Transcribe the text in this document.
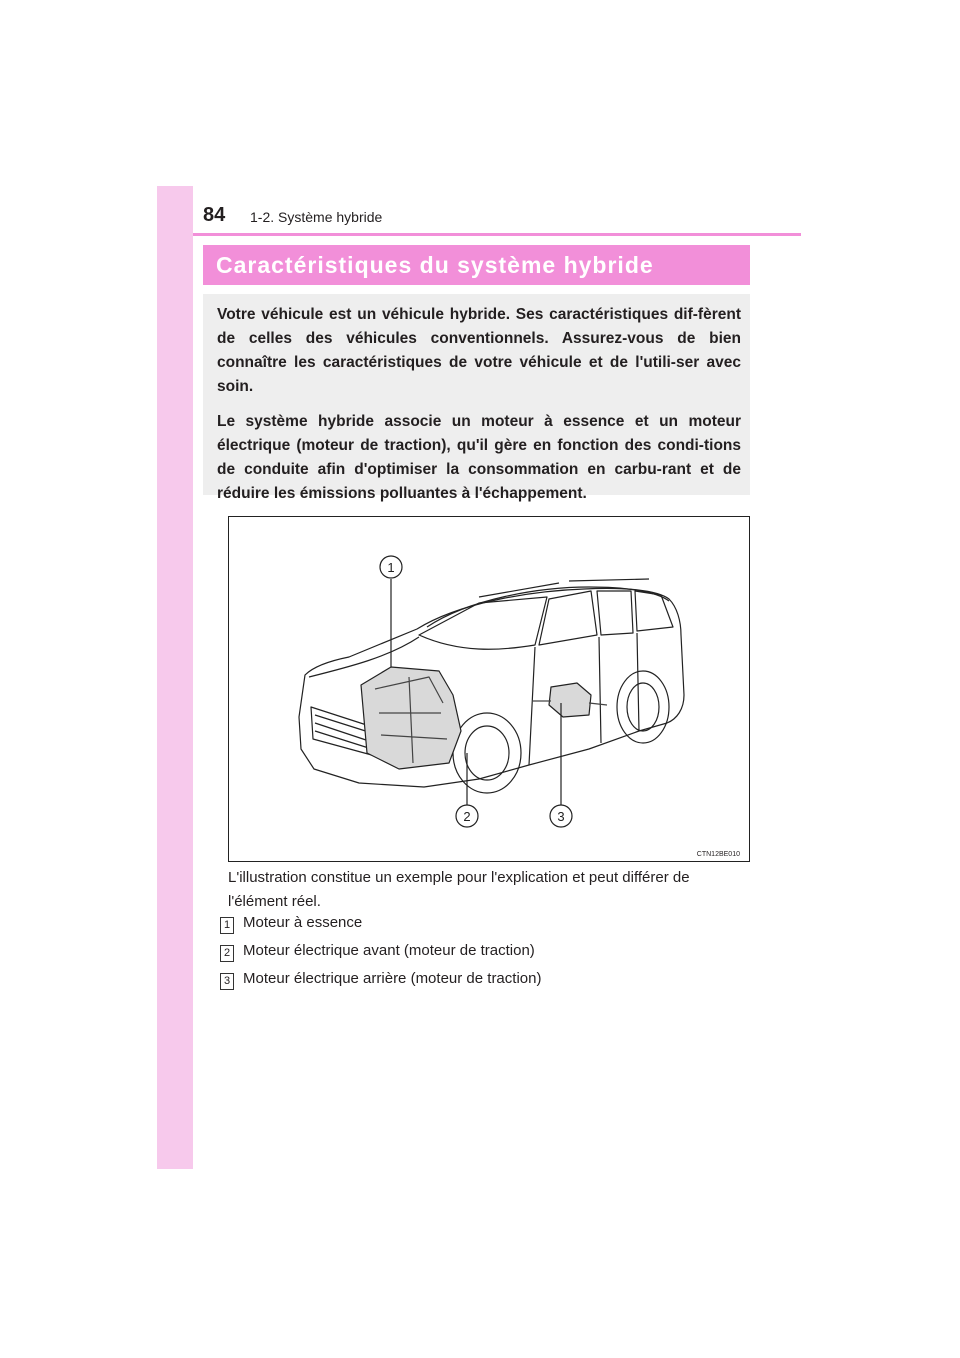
84 1-2. Système hybride
Caractéristiques du système hybride

Votre véhicule est un véhicule hybride. Ses caractéristiques dif-fèrent de celles des véhicules conventionnels. Assurez-vous de bien connaître les caractéristiques de votre véhicule et de l'utili-ser avec soin.

Le système hybride associe un moteur à essence et un moteur électrique (moteur de traction), qu'il gère en fonction des condi-tions de conduite afin d'optimiser la consommation en carbu-rant et de réduire les émissions polluantes à l'échappement.

1
2	3
CTN12BE010
L'illustration constitue un exemple pour l'explication et peut différer de l'élément réel.
1 Moteur à essence
2 Moteur électrique avant (moteur de traction)
3 Moteur électrique arrière (moteur de traction)
